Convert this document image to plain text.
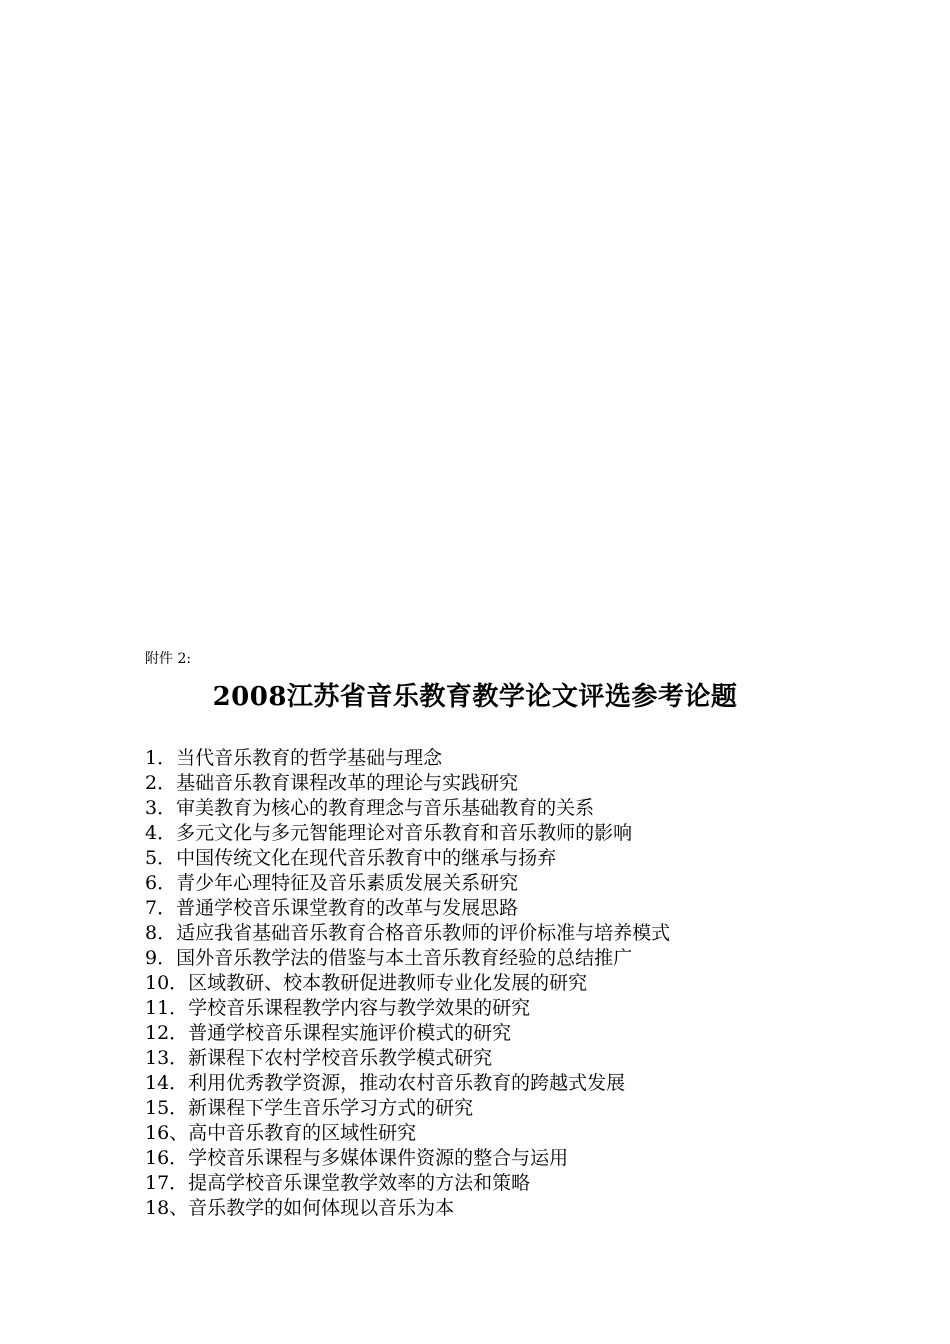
附件 2:
2008江苏省音乐教育教学论文评选参考论题
1．当代音乐教育的哲学基础与理念
2．基础音乐教育课程改革的理论与实践研究
3．审美教育为核心的教育理念与音乐基础教育的关系
4．多元文化与多元智能理论对音乐教育和音乐教师的影响
5．中国传统文化在现代音乐教育中的继承与扬弃
6．青少年心理特征及音乐素质发展关系研究
7．普通学校音乐课堂教育的改革与发展思路
8．适应我省基础音乐教育合格音乐教师的评价标准与培养模式
9．国外音乐教学法的借鉴与本土音乐教育经验的总结推广
10．区域教研、校本教研促进教师专业化发展的研究
11．学校音乐课程教学内容与教学效果的研究
12．普通学校音乐课程实施评价模式的研究
13．新课程下农村学校音乐教学模式研究
14．利用优秀教学资源，推动农村音乐教育的跨越式发展
15．新课程下学生音乐学习方式的研究
16、高中音乐教育的区域性研究
16．学校音乐课程与多媒体课件资源的整合与运用
17．提高学校音乐课堂教学效率的方法和策略
18、音乐教学的如何体现以音乐为本
